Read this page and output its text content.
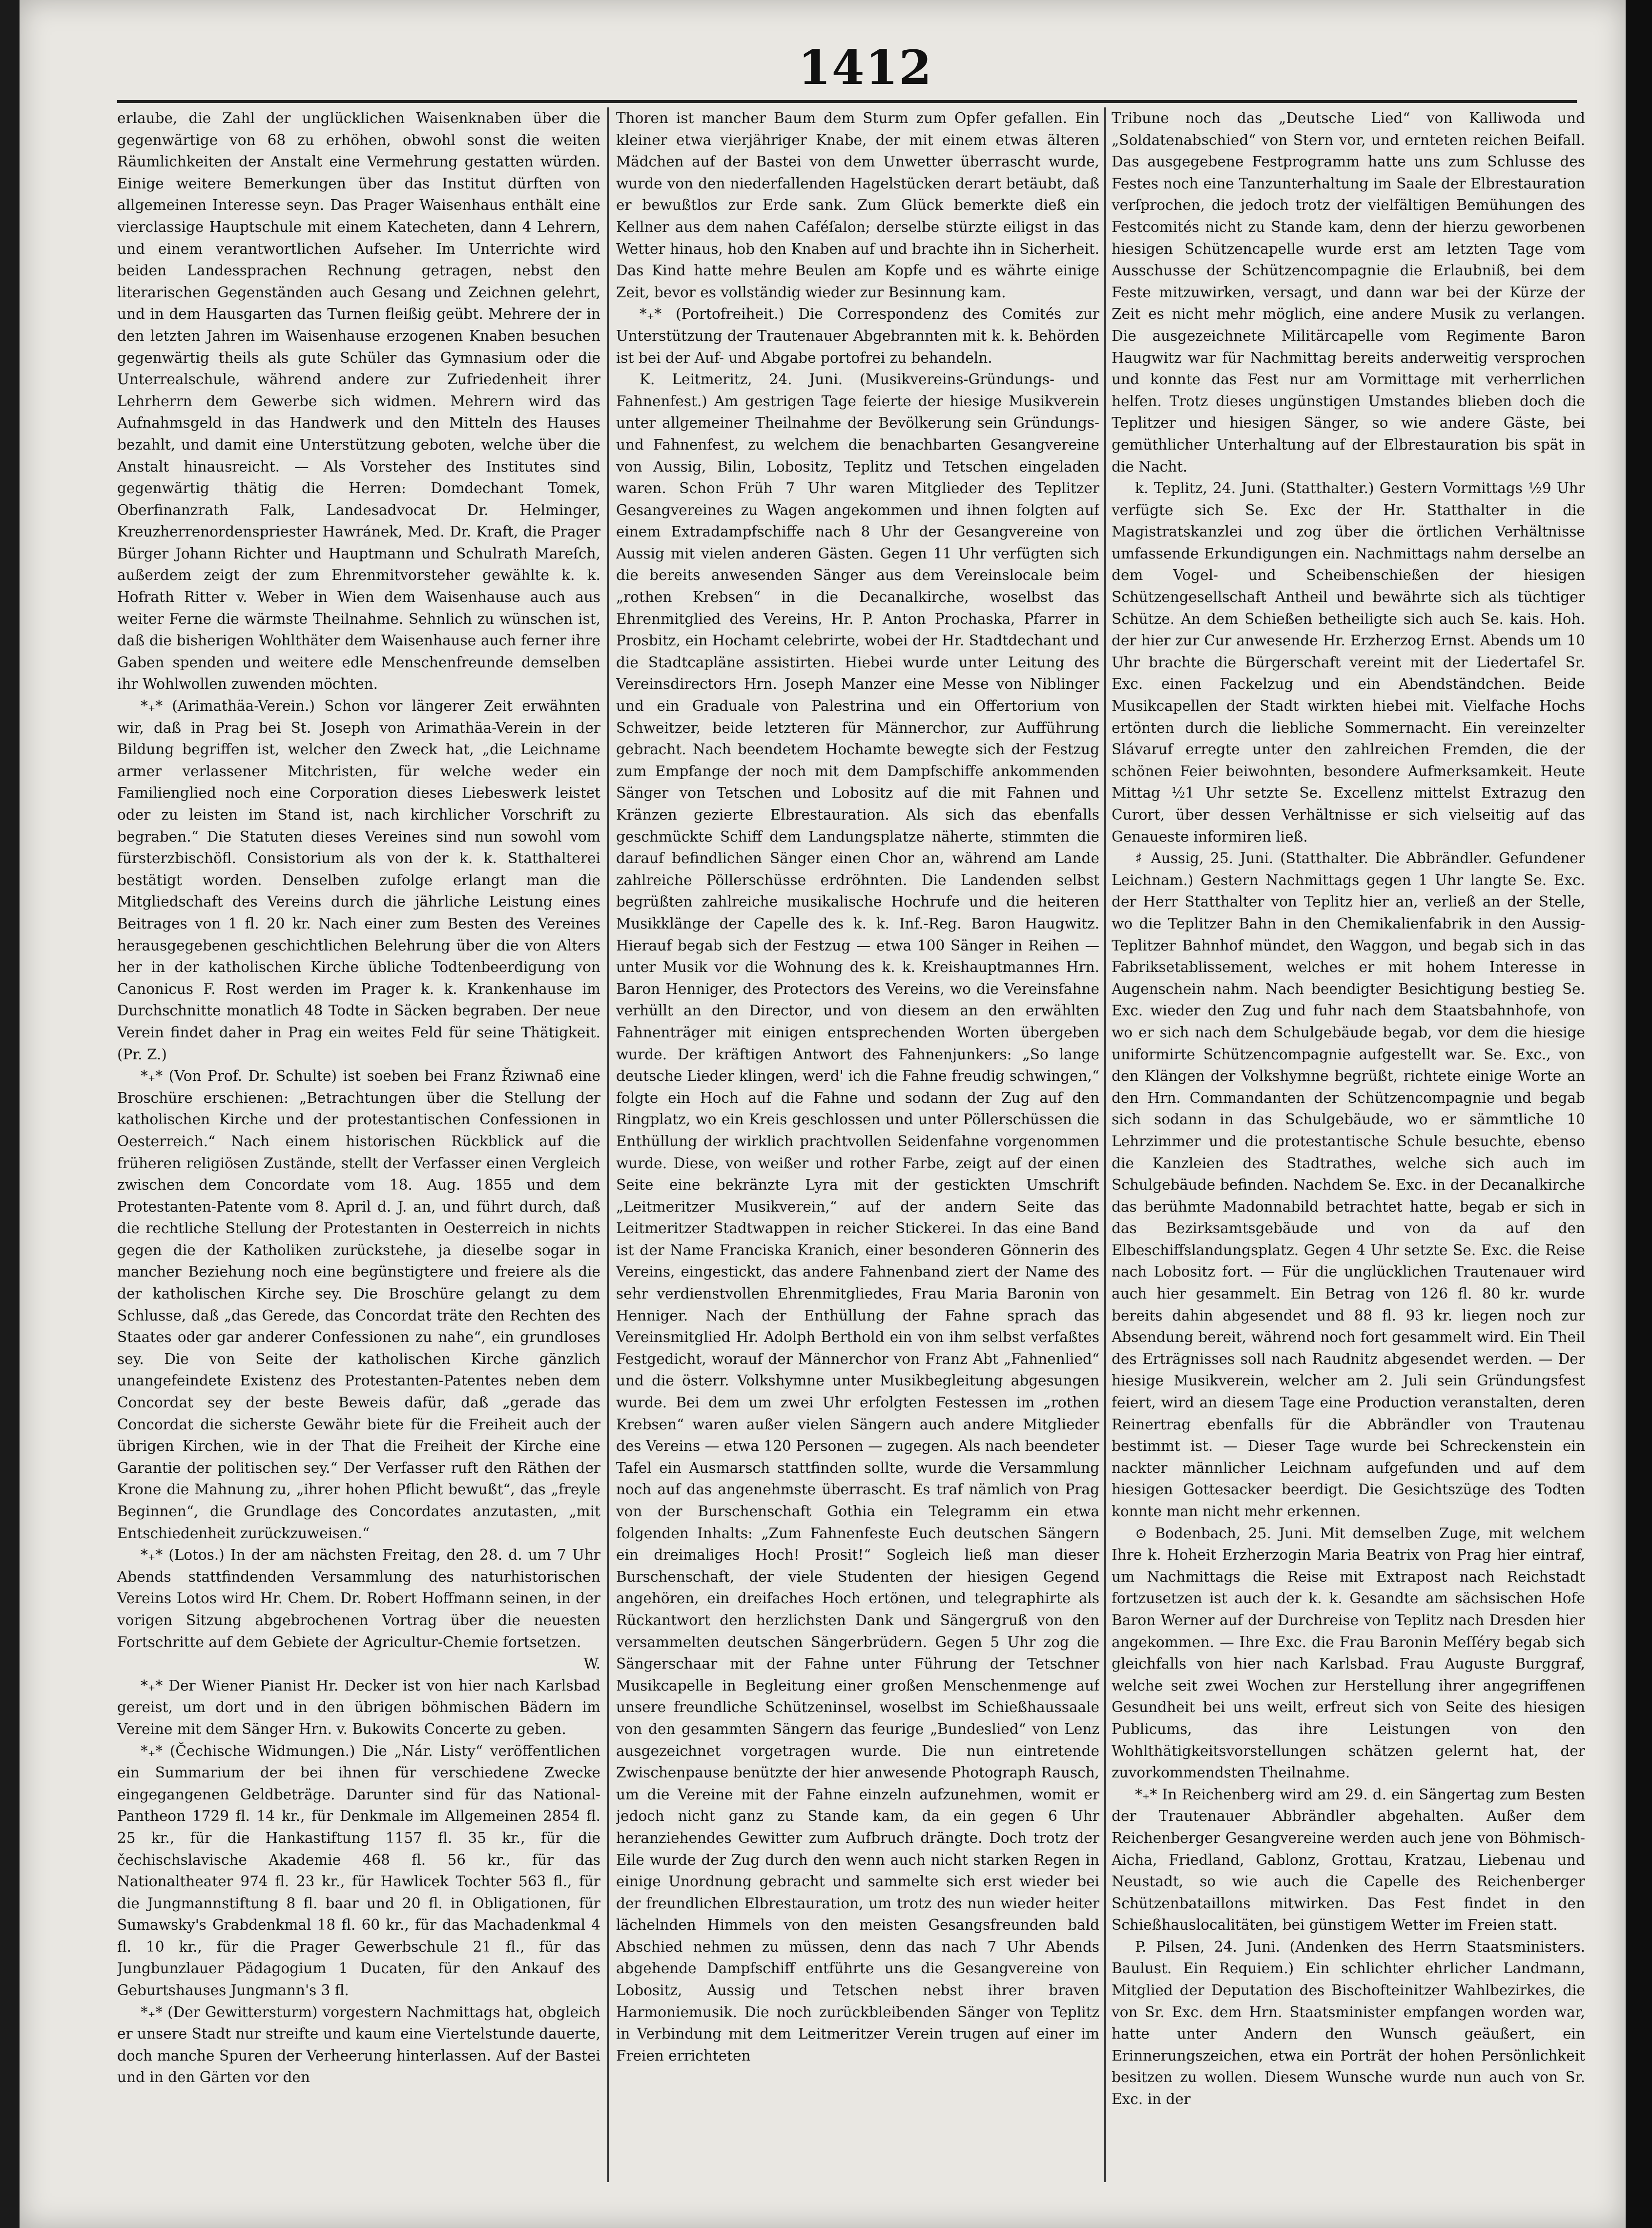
1412

erlaube, die Zahl der unglücklichen Waisenknaben über die gegenwärtige von 68 zu erhöhen, obwohl sonst die weiten Räumlichkeiten der Anstalt eine Vermehrung gestatten würden. Einige weitere Bemerkungen über das Institut dürften von allgemeinen Interesse seyn. Das Prager Waisenhaus enthält eine vierclassige Hauptschule mit einem Katecheten, dann 4 Lehrern, und einem verantwortlichen Aufseher. Im Unterrichte wird beiden Landessprachen Rechnung getragen, nebst den literarischen Gegenständen auch Gesang und Zeichnen gelehrt, und in dem Hausgarten das Turnen fleißig geübt. Mehrere der in den letzten Jahren im Waisenhause erzogenen Knaben besuchen gegenwärtig theils als gute Schüler das Gymnasium oder die Unterrealschule, während andere zur Zufriedenheit ihrer Lehrherrn dem Gewerbe sich widmen. Mehrern wird das Aufnahmsgeld in das Handwerk und den Mitteln des Hauses bezahlt, und damit eine Unterstützung geboten, welche über die Anstalt hinausreicht. — Als Vorsteher des Institutes sind gegenwärtig thätig die Herren: Domdechant Tomek, Oberfinanzrath Falk, Landesadvocat Dr. Helminger, Kreuzherrenordenspriester Hawránek, Med. Dr. Kraft, die Prager Bürger Johann Richter und Hauptmann und Schulrath Mareſch, außerdem zeigt der zum Ehrenmitvorsteher gewählte k. k. Hofrath Ritter v. Weber in Wien dem Waisenhause auch aus weiter Ferne die wärmste Theilnahme. Sehnlich zu wünschen ist, daß die bisherigen Wohlthäter dem Waisenhause auch ferner ihre Gaben spenden und weitere edle Menschenfreunde demselben ihr Wohlwollen zuwenden möchten.

*₊* (Arimathäa-Verein.) Schon vor längerer Zeit erwähnten wir, daß in Prag bei St. Joseph von Arimathäa-Verein in der Bildung begriffen ist, welcher den Zweck hat, „die Leichname armer verlassener Mitchristen, für welche weder ein Familienglied noch eine Corporation dieses Liebeswerk leistet oder zu leisten im Stand ist, nach kirchlicher Vorschrift zu begraben.“ Die Statuten dieses Vereines sind nun sowohl vom fürsterzbischöfl. Consistorium als von der k. k. Statthalterei bestätigt worden. Denselben zufolge erlangt man die Mitgliedschaft des Vereins durch die jährliche Leistung eines Beitrages von 1 fl. 20 kr. Nach einer zum Besten des Vereines herausgegebenen geschichtlichen Belehrung über die von Alters her in der katholischen Kirche übliche Todtenbeerdigung von Canonicus F. Rost werden im Prager k. k. Krankenhause im Durchschnitte monatlich 48 Todte in Säcken begraben. Der neue Verein findet daher in Prag ein weites Feld für seine Thätigkeit. (Pr. Z.)

*₊* (Von Prof. Dr. Schulte) ist soeben bei Franz Řziwnaẟ eine Broschüre erschienen: „Betrachtungen über die Stellung der katholischen Kirche und der protestantischen Confessionen in Oesterreich.“ Nach einem historischen Rückblick auf die früheren religiösen Zustände, stellt der Verfasser einen Vergleich zwischen dem Concordate vom 18. Aug. 1855 und dem Protestanten-Patente vom 8. April d. J. an, und führt durch, daß die rechtliche Stellung der Protestanten in Oesterreich in nichts gegen die der Katholiken zurückstehe, ja dieselbe sogar in mancher Beziehung noch eine begünstigtere und freiere als die der katholischen Kirche sey. Die Broschüre gelangt zu dem Schlusse, daß „das Gerede, das Concordat träte den Rechten des Staates oder gar anderer Confessionen zu nahe“, ein grundloses sey. Die von Seite der katholischen Kirche gänzlich unangefeindete Existenz des Protestanten-Patentes neben dem Concordat sey der beste Beweis dafür, daß „gerade das Concordat die sicherste Gewähr biete für die Freiheit auch der übrigen Kirchen, wie in der That die Freiheit der Kirche eine Garantie der politischen sey.“ Der Verfasser ruft den Räthen der Krone die Mahnung zu, „ihrer hohen Pflicht bewußt“, das „freyle Beginnen“, die Grundlage des Concordates anzutasten, „mit Entschiedenheit zurückzuweisen.“

*₊* (Lotos.) In der am nächsten Freitag, den 28. d. um 7 Uhr Abends stattfindenden Versammlung des naturhistorischen Vereins Lotos wird Hr. Chem. Dr. Robert Hoffmann seinen, in der vorigen Sitzung abgebrochenen Vortrag über die neuesten Fortschritte auf dem Gebiete der Agricultur-Chemie fortsetzen.

W.

*₊* Der Wiener Pianist Hr. Decker ist von hier nach Karlsbad gereist, um dort und in den übrigen böhmischen Bädern im Vereine mit dem Sänger Hrn. v. Bukowits Concerte zu geben.

*₊* (Čechische Widmungen.) Die „Nár. Listy“ veröffentlichen ein Summarium der bei ihnen für verschiedene Zwecke eingegangenen Geldbeträge. Darunter sind für das National-Pantheon 1729 fl. 14 kr., für Denkmale im Allgemeinen 2854 fl. 25 kr., für die Hankastiftung 1157 fl. 35 kr., für die čechischslavische Akademie 468 fl. 56 kr., für das Nationaltheater 974 fl. 23 kr., für Hawlicek Tochter 563 fl., für die Jungmannstiftung 8 fl. baar und 20 fl. in Obligationen, für Sumawsky's Grabdenkmal 18 fl. 60 kr., für das Machadenkmal 4 fl. 10 kr., für die Prager Gewerbschule 21 fl., für das Jungbunzlauer Pädagogium 1 Ducaten, für den Ankauf des Geburtshauses Jungmann's 3 fl.

*₊* (Der Gewittersturm) vorgestern Nachmittags hat, obgleich er unsere Stadt nur streifte und kaum eine Viertelstunde dauerte, doch manche Spuren der Verheerung hinterlassen. Auf der Bastei und in den Gärten vor den

Thoren ist mancher Baum dem Sturm zum Opfer gefallen. Ein kleiner etwa vierjähriger Knabe, der mit einem etwas älteren Mädchen auf der Bastei von dem Unwetter überrascht wurde, wurde von den niederfallenden Hagelstücken derart betäubt, daß er bewußtlos zur Erde sank. Zum Glück bemerkte dieß ein Kellner aus dem nahen Caféſalon; derselbe stürzte eiligst in das Wetter hinaus, hob den Knaben auf und brachte ihn in Sicherheit. Das Kind hatte mehre Beulen am Kopfe und es währte einige Zeit, bevor es vollständig wieder zur Besinnung kam.

*₊* (Portofreiheit.) Die Correspondenz des Comités zur Unterstützung der Trautenauer Abgebrannten mit k. k. Behörden ist bei der Auf- und Abgabe portofrei zu behandeln.

K. Leitmeritz, 24. Juni. (Musikvereins-Gründungs- und Fahnenfest.) Am gestrigen Tage feierte der hiesige Musikverein unter allgemeiner Theilnahme der Bevölkerung sein Gründungs- und Fahnenfest, zu welchem die benachbarten Gesangvereine von Aussig, Bilin, Lobositz, Teplitz und Tetschen eingeladen waren. Schon Früh 7 Uhr waren Mitglieder des Teplitzer Gesangvereines zu Wagen angekommen und ihnen folgten auf einem Extradampfschiffe nach 8 Uhr der Gesangvereine von Aussig mit vielen anderen Gästen. Gegen 11 Uhr verfügten sich die bereits anwesenden Sänger aus dem Vereinslocale beim „rothen Krebsen“ in die Decanalkirche, woselbst das Ehrenmitglied des Vereins, Hr. P. Anton Prochaska, Pfarrer in Prosbitz, ein Hochamt celebrirte, wobei der Hr. Stadtdechant und die Stadtcapläne assistirten. Hiebei wurde unter Leitung des Vereinsdirectors Hrn. Joseph Manzer eine Messe von Niblinger und ein Graduale von Palestrina und ein Offertorium von Schweitzer, beide letzteren für Männerchor, zur Aufführung gebracht. Nach beendetem Hochamte bewegte sich der Festzug zum Empfange der noch mit dem Dampfschiffe ankommenden Sänger von Tetschen und Lobositz auf die mit Fahnen und Kränzen gezierte Elbrestauration. Als sich das ebenfalls geschmückte Schiff dem Landungsplatze näherte, stimmten die darauf befindlichen Sänger einen Chor an, während am Lande zahlreiche Pöllerschüsse erdröhnten. Die Landenden selbst begrüßten zahlreiche musikalische Hochrufe und die heiteren Musikklänge der Capelle des k. k. Inf.-Reg. Baron Haugwitz. Hierauf begab sich der Festzug — etwa 100 Sänger in Reihen — unter Musik vor die Wohnung des k. k. Kreishauptmannes Hrn. Baron Henniger, des Protectors des Vereins, wo die Vereinsfahne verhüllt an den Director, und von diesem an den erwählten Fahnenträger mit einigen entsprechenden Worten übergeben wurde. Der kräftigen Antwort des Fahnenjunkers: „So lange deutsche Lieder klingen, werd' ich die Fahne freudig schwingen,“ folgte ein Hoch auf die Fahne und sodann der Zug auf den Ringplatz, wo ein Kreis geschlossen und unter Pöllerschüssen die Enthüllung der wirklich prachtvollen Seidenfahne vorgenommen wurde. Diese, von weißer und rother Farbe, zeigt auf der einen Seite eine bekränzte Lyra mit der gestickten Umschrift „Leitmeritzer Musikverein,“ auf der andern Seite das Leitmeritzer Stadtwappen in reicher Stickerei. In das eine Band ist der Name Franciska Kranich, einer besonderen Gönnerin des Vereins, eingestickt, das andere Fahnenband ziert der Name des sehr verdienstvollen Ehrenmitgliedes, Frau Maria Baronin von Henniger. Nach der Enthüllung der Fahne sprach das Vereinsmitglied Hr. Adolph Berthold ein von ihm selbst verfaßtes Festgedicht, worauf der Männerchor von Franz Abt „Fahnenlied“ und die österr. Volkshymne unter Musikbegleitung abgesungen wurde. Bei dem um zwei Uhr erfolgten Festessen im „rothen Krebsen“ waren außer vielen Sängern auch andere Mitglieder des Vereins — etwa 120 Personen — zugegen. Als nach beendeter Tafel ein Ausmarsch stattfinden sollte, wurde die Versammlung noch auf das angenehmste überrascht. Es traf nämlich von Prag von der Burschenschaft Gothia ein Telegramm ein etwa folgenden Inhalts: „Zum Fahnenfeste Euch deutschen Sängern ein dreimaliges Hoch! Prosit!“ Sogleich ließ man dieser Burschenschaft, der viele Studenten der hiesigen Gegend angehören, ein dreifaches Hoch ertönen, und telegraphirte als Rückantwort den herzlichsten Dank und Sängergruß von den versammelten deutschen Sängerbrüdern. Gegen 5 Uhr zog die Sängerschaar mit der Fahne unter Führung der Tetschner Musikcapelle in Begleitung einer großen Menschenmenge auf unsere freundliche Schützeninsel, woselbst im Schießhaussaale von den gesammten Sängern das feurige „Bundeslied“ von Lenz ausgezeichnet vorgetragen wurde. Die nun eintretende Zwischenpause benützte der hier anwesende Photograph Rausch, um die Vereine mit der Fahne einzeln aufzunehmen, womit er jedoch nicht ganz zu Stande kam, da ein gegen 6 Uhr heranziehendes Gewitter zum Aufbruch drängte. Doch trotz der Eile wurde der Zug durch den wenn auch nicht starken Regen in einige Unordnung gebracht und sammelte sich erst wieder bei der freundlichen Elbrestauration, um trotz des nun wieder heiter lächelnden Himmels von den meisten Gesangsfreunden bald Abschied nehmen zu müssen, denn das nach 7 Uhr Abends abgehende Dampfschiff entführte uns die Gesangvereine von Lobositz, Aussig und Tetschen nebst ihrer braven Harmoniemusik. Die noch zurückbleibenden Sänger von Teplitz in Verbindung mit dem Leitmeritzer Verein trugen auf einer im Freien errichteten

Tribune noch das „Deutsche Lied“ von Kalliwoda und „Soldatenabschied“ von Stern vor, und ernteten reichen Beifall. Das ausgegebene Festprogramm hatte uns zum Schlusse des Festes noch eine Tanzunterhaltung im Saale der Elbrestauration verſprochen, die jedoch trotz der vielfältigen Bemühungen des Festcomités nicht zu Stande kam, denn der hierzu geworbenen hiesigen Schützencapelle wurde erst am letzten Tage vom Ausschusse der Schützencompagnie die Erlaubniß, bei dem Feste mitzuwirken, versagt, und dann war bei der Kürze der Zeit es nicht mehr möglich, eine andere Musik zu verlangen. Die ausgezeichnete Militärcapelle vom Regimente Baron Haugwitz war für Nachmittag bereits anderweitig versprochen und konnte das Fest nur am Vormittage mit verherrlichen helfen. Trotz dieses ungünstigen Umstandes blieben doch die Teplitzer und hiesigen Sänger, so wie andere Gäste, bei gemüthlicher Unterhaltung auf der Elbrestauration bis spät in die Nacht.

k. Teplitz, 24. Juni. (Statthalter.) Gestern Vormittags ½9 Uhr verfügte sich Se. Exc der Hr. Statthalter in die Magistratskanzlei und zog über die örtlichen Verhältnisse umfassende Erkundigungen ein. Nachmittags nahm derselbe an dem Vogel- und Scheibenschießen der hiesigen Schützengesellschaft Antheil und bewährte sich als tüchtiger Schütze. An dem Schießen betheiligte sich auch Se. kais. Hoh. der hier zur Cur anwesende Hr. Erzherzog Ernst. Abends um 10 Uhr brachte die Bürgerschaft vereint mit der Liedertafel Sr. Exc. einen Fackelzug und ein Abendständchen. Beide Musikcapellen der Stadt wirkten hiebei mit. Vielfache Hochs ertönten durch die liebliche Sommernacht. Ein vereinzelter Slávaruf erregte unter den zahlreichen Fremden, die der schönen Feier beiwohnten, besondere Aufmerksamkeit. Heute Mittag ½1 Uhr setzte Se. Excellenz mittelst Extrazug den Curort, über dessen Verhältnisse er sich vielseitig auf das Genaueste informiren ließ.

♯ Aussig, 25. Juni. (Statthalter. Die Abbrändler. Gefundener Leichnam.) Gestern Nachmittags gegen 1 Uhr langte Se. Exc. der Herr Statthalter von Teplitz hier an, verließ an der Stelle, wo die Teplitzer Bahn in den Chemikalienfabrik in den Aussig-Teplitzer Bahnhof mündet, den Waggon, und begab sich in das Fabriksetablissement, welches er mit hohem Interesse in Augenschein nahm. Nach beendigter Besichtigung bestieg Se. Exc. wieder den Zug und fuhr nach dem Staatsbahnhofe, von wo er sich nach dem Schulgebäude begab, vor dem die hiesige uniformirte Schützencompagnie aufgestellt war. Se. Exc., von den Klängen der Volkshymne begrüßt, richtete einige Worte an den Hrn. Commandanten der Schützencompagnie und begab sich sodann in das Schulgebäude, wo er sämmtliche 10 Lehrzimmer und die protestantische Schule besuchte, ebenso die Kanzleien des Stadtrathes, welche sich auch im Schulgebäude befinden. Nachdem Se. Exc. in der Decanalkirche das berühmte Madonnabild betrachtet hatte, begab er sich in das Bezirksamtsgebäude und von da auf den Elbeschiffslandungsplatz. Gegen 4 Uhr setzte Se. Exc. die Reise nach Lobositz fort. — Für die unglücklichen Trautenauer wird auch hier gesammelt. Ein Betrag von 126 fl. 80 kr. wurde bereits dahin abgesendet und 88 fl. 93 kr. liegen noch zur Absendung bereit, während noch fort gesammelt wird. Ein Theil des Erträgnisses soll nach Raudnitz abgesendet werden. — Der hiesige Musikverein, welcher am 2. Juli sein Gründungsfest feiert, wird an diesem Tage eine Production veranstalten, deren Reinertrag ebenfalls für die Abbrändler von Trautenau bestimmt ist. — Dieser Tage wurde bei Schreckenstein ein nackter männlicher Leichnam aufgefunden und auf dem hiesigen Gottesacker beerdigt. Die Gesichtszüge des Todten konnte man nicht mehr erkennen.

⊙ Bodenbach, 25. Juni. Mit demselben Zuge, mit welchem Ihre k. Hoheit Erzherzogin Maria Beatrix von Prag hier eintraf, um Nachmittags die Reise mit Extrapost nach Reichstadt fortzusetzen ist auch der k. k. Gesandte am sächsischen Hofe Baron Werner auf der Durchreise von Teplitz nach Dresden hier angekommen. — Ihre Exc. die Frau Baronin Meſſéry begab sich gleichfalls von hier nach Karlsbad. Frau Auguste Burggraf, welche seit zwei Wochen zur Herstellung ihrer angegriffenen Gesundheit bei uns weilt, erfreut sich von Seite des hiesigen Publicums, das ihre Leistungen von den Wohlthätigkeitsvorstellungen schätzen gelernt hat, der zuvorkommendsten Theilnahme.

*₊* In Reichenberg wird am 29. d. ein Sängertag zum Besten der Trautenauer Abbrändler abgehalten. Außer dem Reichenberger Gesangvereine werden auch jene von Böhmisch-Aicha, Friedland, Gablonz, Grottau, Kratzau, Liebenau und Neustadt, so wie auch die Capelle des Reichenberger Schützenbataillons mitwirken. Das Fest findet in den Schießhauslocalitäten, bei günstigem Wetter im Freien statt.

P. Pilsen, 24. Juni. (Andenken des Herrn Staatsministers. Baulust. Ein Requiem.) Ein schlichter ehrlicher Landmann, Mitglied der Deputation des Bischofteinitzer Wahlbezirkes, die von Sr. Exc. dem Hrn. Staatsminister empfangen worden war, hatte unter Andern den Wunsch geäußert, ein Erinnerungszeichen, etwa ein Porträt der hohen Persönlichkeit besitzen zu wollen. Diesem Wunsche wurde nun auch von Sr. Exc. in der
